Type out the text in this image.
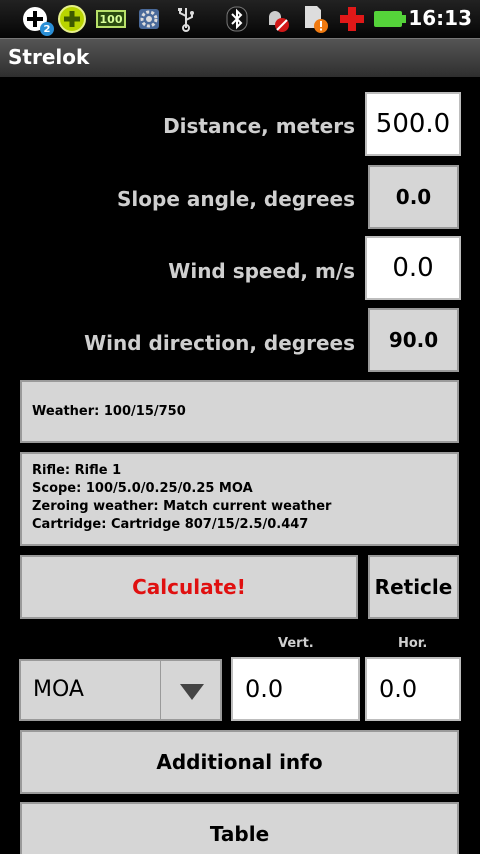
2
100	16:13
Strelok
Distance, meters 500.0
Slope angle, degrees	0.0
Wind speed, m/s	0.0
Wind direction, degrees	90.0
Weather: 100/15/750
Rifle: Rifle 1
Scope: 100/5.0/0.25/0.25 MOA
Zeroing weather: Match current weather
Cartridge: Cartridge 807/15/2.5/0.447
Calculate!	Reticle
Vert.	Hor.
MOA	0.0	0.0
Additional info
Table
